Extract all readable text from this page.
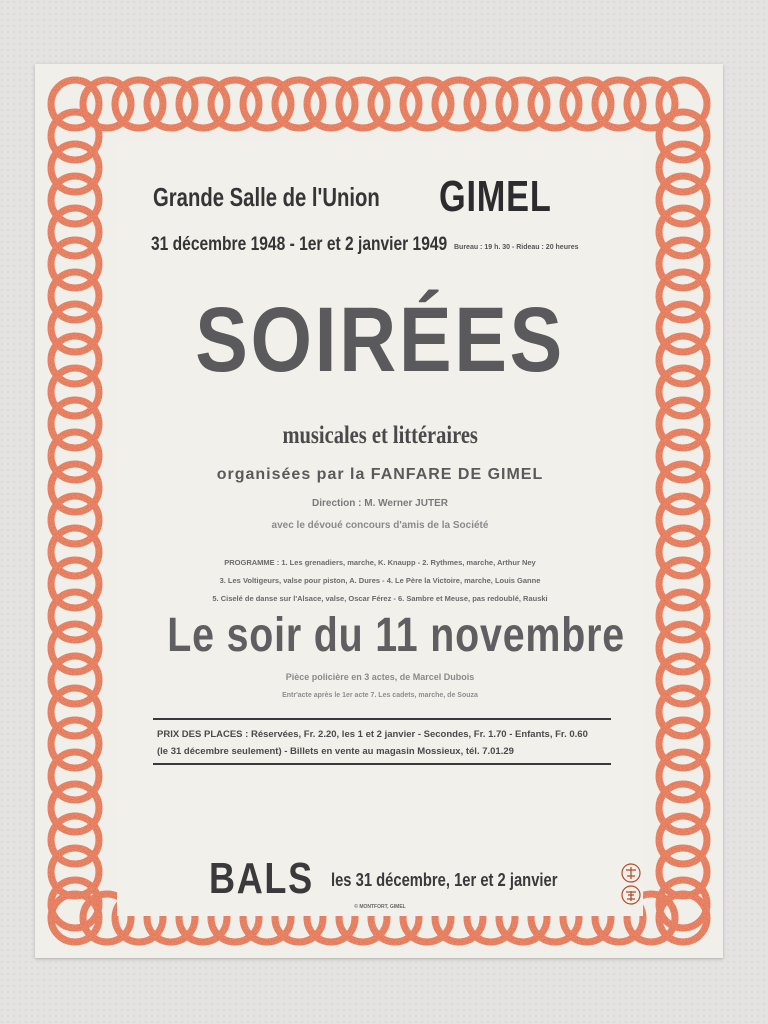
Grande Salle de l'Union GIMEL
31 décembre 1948 - 1er et 2 janvier 1949 Bureau : 19 h. 30 - Rideau : 20 heures
SOIRÉES
musicales et littéraires
organisées par la FANFARE DE GIMEL
Direction : M. Werner JUTER
avec le dévoué concours d'amis de la Société
PROGRAMME : 1. Les grenadiers, marche, K. Knaupp - 2. Rythmes, marche, Arthur Ney
3. Les Voltigeurs, valse pour piston, A. Dures - 4. Le Père la Victoire, marche, Louis Ganne
5. Ciselé de danse sur l'Alsace, valse, Oscar Férez - 6. Sambre et Meuse, pas redoublé, Rauski
Le soir du 11 novembre
Pièce policière en 3 actes, de Marcel Dubois
Entr'acte après le 1er acte 7. Les cadets, marche, de Souza
PRIX DES PLACES : Réservées, Fr. 2.20, les 1 et 2 janvier - Secondes, Fr. 1.70 - Enfants, Fr. 0.60
(le 31 décembre seulement) - Billets en vente au magasin Mossieux, tél. 7.01.29
BALS les 31 décembre, 1er et 2 janvier
© MONTFORT, GIMEL
